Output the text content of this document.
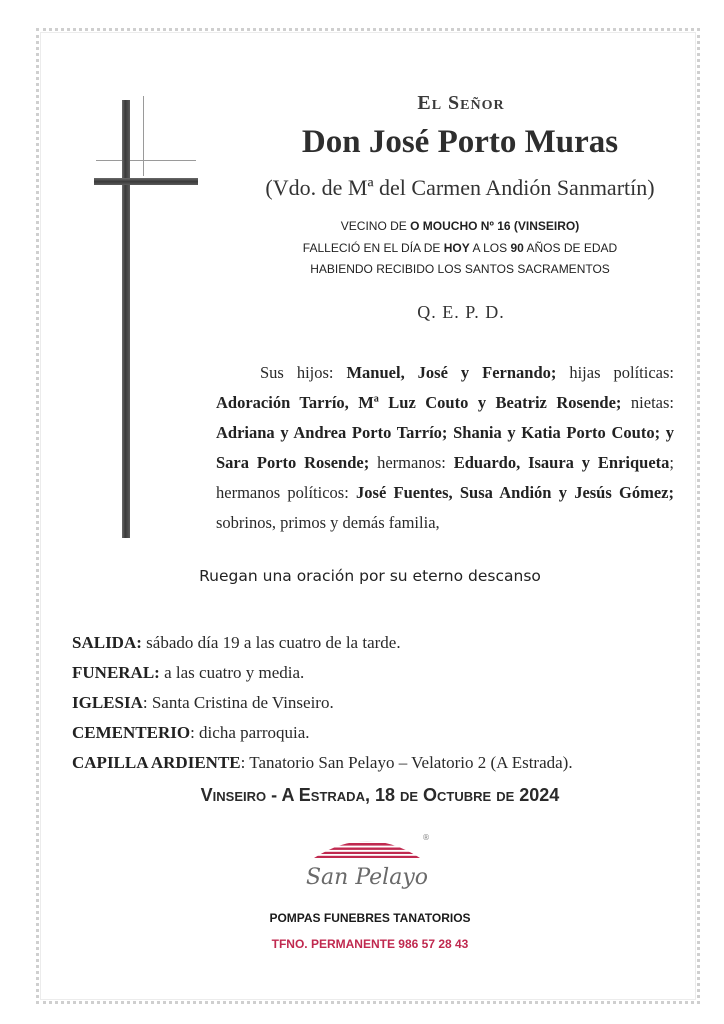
El Señor
Don José Porto Muras
(Vdo. de Mª del Carmen Andión Sanmartín)
VECINO DE O MOUCHO Nº 16 (VINSEIRO)
FALLECIÓ EN EL DÍA DE HOY A LOS 90 AÑOS DE EDAD
HABIENDO RECIBIDO LOS SANTOS SACRAMENTOS
Q. E. P. D.
Sus hijos: Manuel, José y Fernando; hijas políticas: Adoración Tarrío, Mª Luz Couto y Beatriz Rosende; nietas: Adriana y Andrea Porto Tarrío; Shania y Katia Porto Couto; y Sara Porto Rosende; hermanos: Eduardo, Isaura y Enriqueta; hermanos políticos: José Fuentes, Susa Andión y Jesús Gómez; sobrinos, primos y demás familia,
Ruegan una oración por su eterno descanso
SALIDA: sábado día 19 a las cuatro de la tarde.
FUNERAL: a las cuatro y media.
IGLESIA: Santa Cristina de Vinseiro.
CEMENTERIO: dicha parroquia.
CAPILLA ARDIENTE: Tanatorio San Pelayo – Velatorio 2 (A Estrada).
Vinseiro - A Estrada, 18 de Octubre de 2024
San Pelayo
®
POMPAS FUNEBRES TANATORIOS
TFNO. PERMANENTE 986 57 28 43
